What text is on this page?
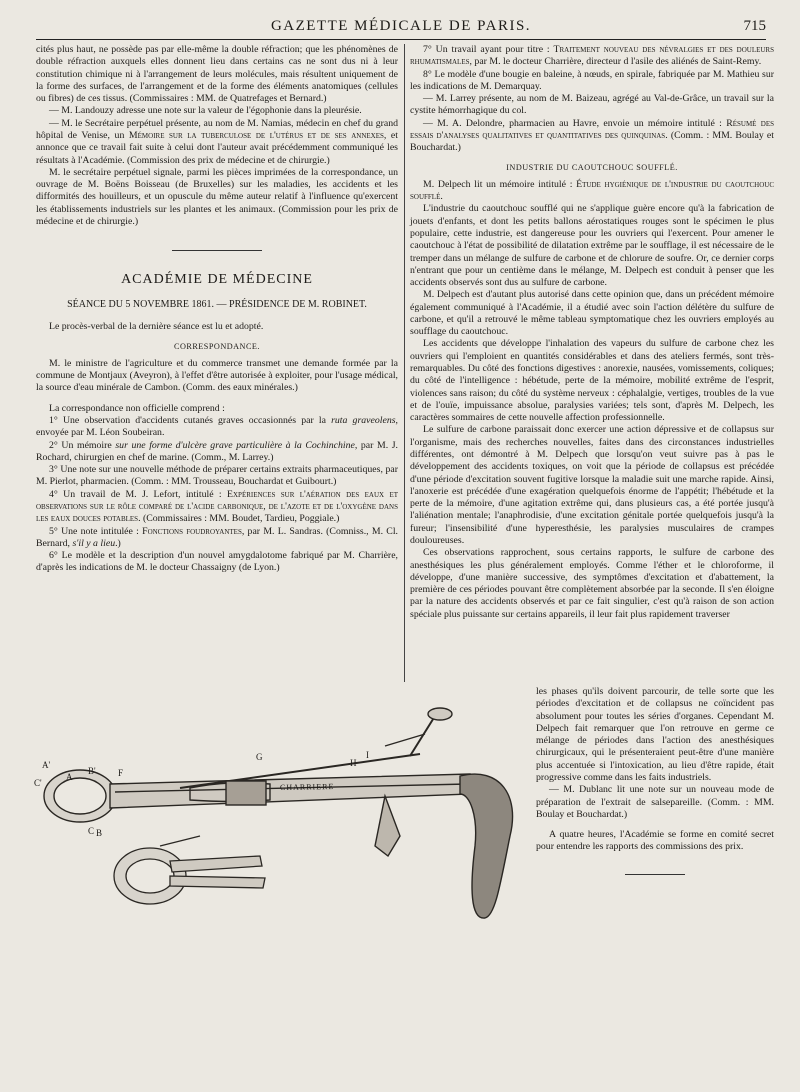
GAZETTE MÉDICALE DE PARIS.	715

cités plus haut, ne possède pas par elle-même la double réfraction; que les phénomènes de double réfraction auxquels elles donnent lieu dans certains cas ne sont dus ni à leur constitution chimique ni à l'arrangement de leurs molécules, mais résultent uniquement de la forme des surfaces, de l'arrangement et de la forme des éléments anatomiques (cellules ou fibres) de ces tissus. (Commissaires : MM. de Quatrefages et Bernard.)

— M. Landouzy adresse une note sur la valeur de l'égophonie dans la pleurésie.

— M. le Secrétaire perpétuel présente, au nom de M. Namias, médecin en chef du grand hôpital de Venise, un Mémoire sur la tuberculose de l'utérus et de ses annexes, et annonce que ce travail fait suite à celui dont l'auteur avait précédemment communiqué les résultats à l'Académie. (Commission des prix de médecine et de chirurgie.)

M. le secrétaire perpétuel signale, parmi les pièces imprimées de la correspondance, un ouvrage de M. Boëns Boisseau (de Bruxelles) sur les maladies, les accidents et les difformités des houilleurs, et un opuscule du même auteur relatif à l'influence qu'exercent les établissements industriels sur les plantes et les animaux. (Commission pour les prix de médecine et de chirurgie.)

ACADÉMIE DE MÉDECINE
SÉANCE DU 5 NOVEMBRE 1861. — PRÉSIDENCE DE M. ROBINET.

Le procès-verbal de la dernière séance est lu et adopté.

CORRESPONDANCE.

M. le ministre de l'agriculture et du commerce transmet une demande formée par la commune de Montjaux (Aveyron), à l'effet d'être autorisée à exploiter, pour l'usage médical, la source d'eau minérale de Cambon. (Comm. des eaux minérales.)

La correspondance non officielle comprend :

1° Une observation d'accidents cutanés graves occasionnés par la ruta graveolens, envoyée par M. Léon Soubeiran.

2° Un mémoire sur une forme d'ulcère grave particulière à la Cochinchine, par M. J. Rochard, chirurgien en chef de marine. (Comm., M. Larrey.)

3° Une note sur une nouvelle méthode de préparer certains extraits pharmaceutiques, par M. Pierlot, pharmacien. (Comm. : MM. Trousseau, Bouchardat et Guibourt.)

4° Un travail de M. J. Lefort, intitulé : Expériences sur l'aération des eaux et observations sur le rôle comparé de l'acide carbonique, de l'azote et de l'oxygène dans les eaux douces potables. (Commissaires : MM. Boudet, Tardieu, Poggiale.)

5° Une note intitulée : Fonctions foudroyantes, par M. L. Sandras. (Comniss., M. Cl. Bernard, s'il y a lieu.)

6° Le modèle et la description d'un nouvel amygdalotome fabriqué par M. Charrière, d'après les indications de M. le docteur Chassaigny (de Lyon.)

7° Un travail ayant pour titre : Traitement nouveau des névralgies et des douleurs rhumatismales, par M. le docteur Charrière, directeur d l'asile des aliénés de Saint-Remy.

8° Le modèle d'une bougie en baleine, à nœuds, en spirale, fabriquée par M. Mathieu sur les indications de M. Demarquay.

— M. Larrey présente, au nom de M. Baizeau, agrégé au Val-de-Grâce, un travail sur la cystite hémorrhagique du col.

— M. A. Delondre, pharmacien au Havre, envoie un mémoire intitulé : Résumé des essais d'analyses qualitatives et quantitatives des quinquinas. (Comm. : MM. Boulay et Bouchardat.)

INDUSTRIE DU CAOUTCHOUC SOUFFLÉ.

M. Delpech lit un mémoire intitulé : Étude hygiénique de l'industrie du caoutchouc soufflé.

L'industrie du caoutchouc soufflé qui ne s'applique guère encore qu'à la fabrication de jouets d'enfants, et dont les petits ballons aérostatiques rouges sont le spécimen le plus populaire, cette industrie, est dangereuse pour les ouvriers qui l'exercent. Pour amener le caoutchouc à l'état de possibilité de dilatation extrême par le soufflage, il est nécessaire de le tremper dans un mélange de sulfure de carbone et de chlorure de soufre. Or, ce dernier corps n'entrant que pour un centième dans le mélange, M. Delpech est conduit à penser que les accidents observés sont dus au sulfure de carbone.

M. Delpech est d'autant plus autorisé dans cette opinion que, dans un précédent mémoire également communiqué à l'Académie, il a étudié avec soin l'action délétère du sulfure de carbone, et qu'il a retrouvé le même tableau symptomatique chez les ouvriers employés au soufflage du caoutchouc.

Les accidents que développe l'inhalation des vapeurs du sulfure de carbone chez les ouvriers qui l'emploient en quantités considérables et dans des ateliers fermés, sont très-remarquables. Du côté des fonctions digestives : anorexie, nausées, vomissements, coliques; du côté de l'intelligence : hébétude, perte de la mémoire, mobilité extrême de l'esprit, violences sans raison; du côté du système nerveux : céphalalgie, vertiges, troubles de la vue et de l'ouïe, impuissance absolue, paralysies variées; tels sont, d'après M. Delpech, les caractères sommaires de cette nouvelle affection professionnelle.

Le sulfure de carbone paraissait donc exercer une action dépressive et de collapsus sur l'organisme, mais des recherches nouvelles, faites dans des circonstances industrielles différentes, ont démontré à M. Delpech que lorsqu'on veut suivre pas à pas le développement des accidents toxiques, on voit que la période de collapsus est précédée d'une période d'excitation souvent fugitive lorsque la maladie suit une marche rapide. Ainsi, l'anoxerie est précédée d'une exagération quelquefois énorme de l'appétit; l'hébétude et la perte de la mémoire, d'une agitation extrême qui, dans plusieurs cas, a été portée jusqu'à l'aliénation mentale; l'anaphrodisie, d'une excitation génitale portée quelquefois jusqu'à la fureur; l'insensibilité d'une hyperesthésie, les paralysies musculaires de crampes douloureuses.

Ces observations rapprochent, sous certains rapports, le sulfure de carbone des anesthésiques les plus généralement employés. Comme l'éther et le chloroforme, il développe, d'une manière successive, des symptômes d'excitation et d'abattement, la première de ces périodes pouvant être complètement absorbée par la seconde. Il s'en éloigne par la nature des accidents observés et par ce fait singulier, c'est qu'à raison de son action spéciale plus puissante sur certains appareils, il leur fait plus rapidement traverser

CHARRIERE
A'
A
B'
B
C'
C
F
G
H
I

les phases qu'ils doivent parcourir, de telle sorte que les périodes d'excitation et de collapsus ne coïncident pas absolument pour toutes les séries d'organes. Cependant M. Delpech fait remarquer que l'on retrouve en germe ce mélange de périodes dans l'action des anesthésiques chirurgicaux, qui le présenteraient peut-être d'une manière plus accentuée si l'intoxication, au lieu d'être rapide, était progressive comme dans les faits industriels.

— M. Dublanc lit une note sur un nouveau mode de préparation de l'extrait de salsepareille. (Comm. : MM. Boulay et Bouchardat.)

A quatre heures, l'Académie se forme en comité secret pour entendre les rapports des commissions des prix.
